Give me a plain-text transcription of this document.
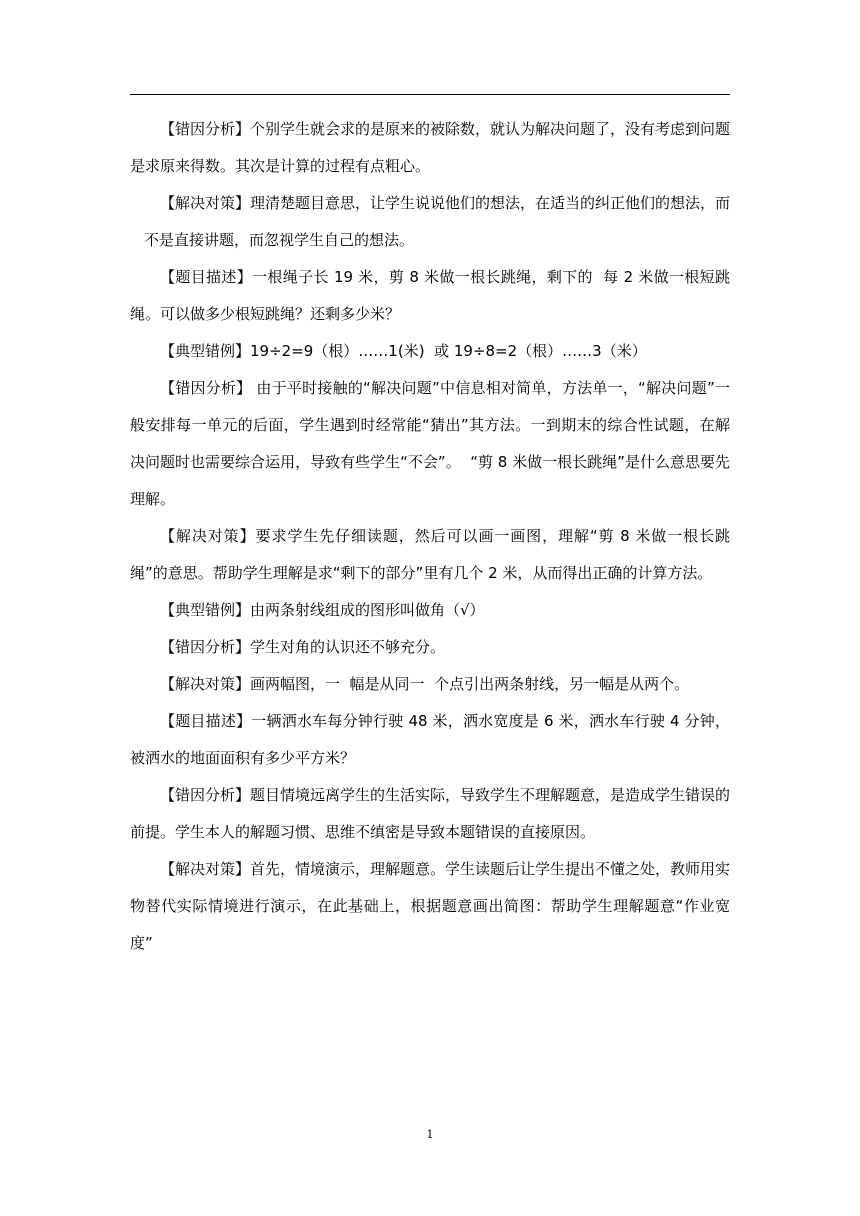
【错因分析】个别学生就会求的是原来的被除数，就认为解决问题了，没有考虑到问题是求原来得数。其次是计算的过程有点粗心。

【解决对策】理清楚题目意思，让学生说说他们的想法，在适当的纠正他们的想法，而

不是直接讲题，而忽视学生自己的想法。

【题目描述】一根绳子长 19 米，剪 8 米做一根长跳绳，剩下的  每 2 米做一根短跳绳。可以做多少根短跳绳？还剩多少米？

【典型错例】19÷2=9（根）……1(米)  或 19÷8=2（根）……3（米）

【错因分析】 由于平时接触的“解决问题”中信息相对简单，方法单一，“解决问题”一般安排每一单元的后面，学生遇到时经常能“猜出”其方法。一到期末的综合性试题，在解决问题时也需要综合运用，导致有些学生“不会”。  “剪 8 米做一根长跳绳”是什么意思要先理解。

【解决对策】要求学生先仔细读题，然后可以画一画图，理解“剪 8 米做一根长跳绳”的意思。帮助学生理解是求“剩下的部分”里有几个 2 米，从而得出正确的计算方法。

【典型错例】由两条射线组成的图形叫做角（√）

【错因分析】学生对角的认识还不够充分。

【解决对策】画两幅图，一  幅是从同一  个点引出两条射线，另一幅是从两个。

【题目描述】一辆洒水车每分钟行驶 48 米，洒水宽度是 6 米，洒水车行驶 4 分钟，被洒水的地面面积有多少平方米？

【错因分析】题目情境远离学生的生活实际，导致学生不理解题意，是造成学生错误的前提。学生本人的解题习惯、思维不缜密是导致本题错误的直接原因。

【解决对策】首先，情境演示，理解题意。学生读题后让学生提出不懂之处，教师用实物替代实际情境进行演示，在此基础上，根据题意画出简图：帮助学生理解题意“作业宽度”

1
